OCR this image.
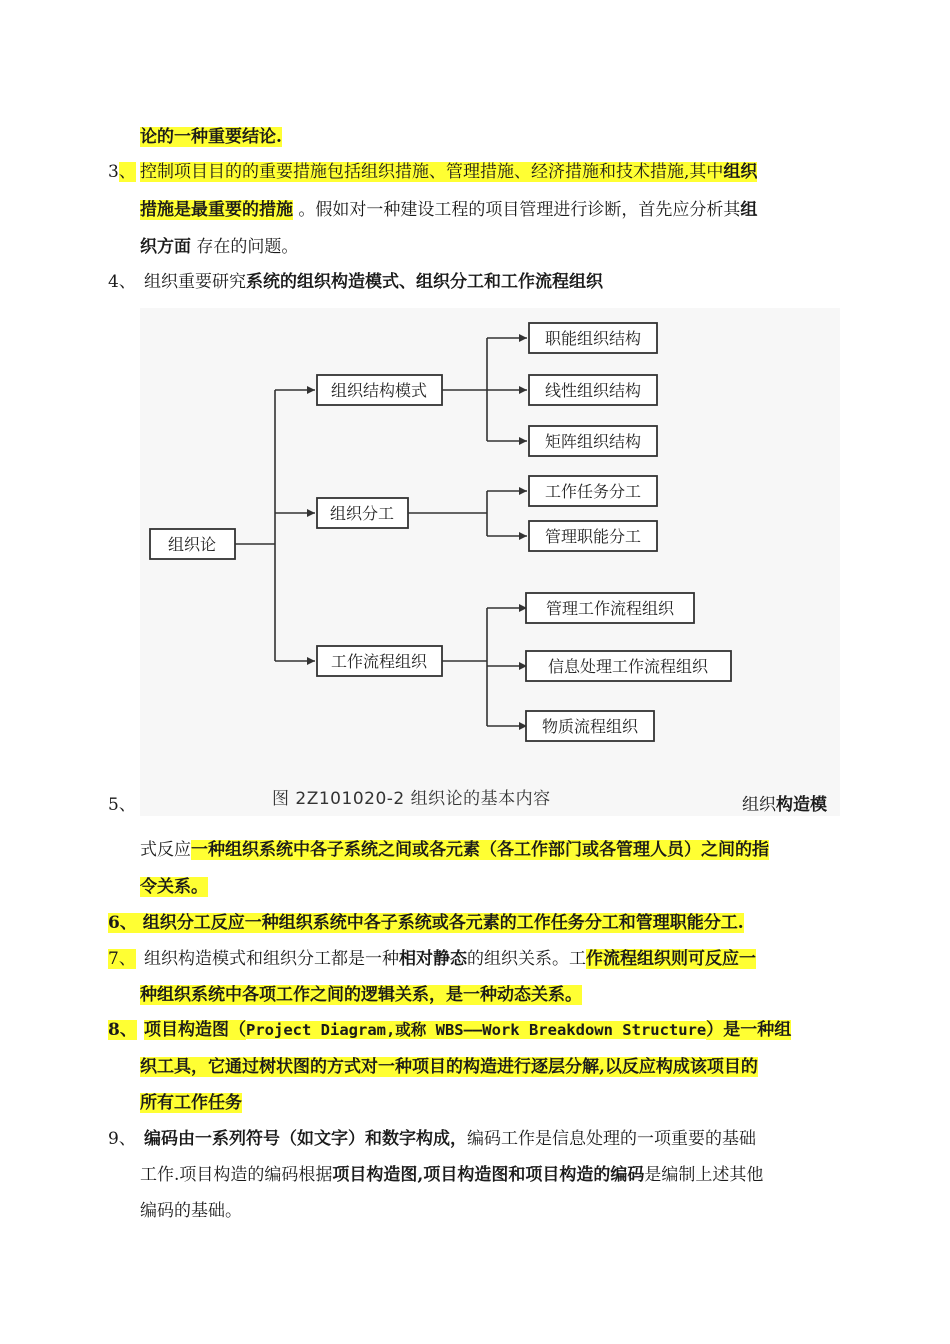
论的一种重要结论.
3、 控制项目目的的重要措施包括组织措施、管理措施、经济措施和技术措施,其中组织
措施是最重要的措施 。假如对一种建设工程的项目管理进行诊断，首先应分析其组
织方面 存在的问题。
4、 组织重要研究系统的组织构造模式、组织分工和工作流程组织
组织论
组织结构模式
组织分工
工作流程组织
职能组织结构
线性组织结构
矩阵组织结构
工作任务分工
管理职能分工
管理工作流程组织
信息处理工作流程组织
物质流程组织
图 2Z101020-2 组织论的基本内容
5、	组织构造模
式反应一种组织系统中各子系统之间或各元素（各工作部门或各管理人员）之间的指
令关系。
6、 组织分工反应一种组织系统中各子系统或各元素的工作任务分工和管理职能分工.
7、 组织构造模式和组织分工都是一种相对静态的组织关系。工作流程组织则可反应一
种组织系统中各项工作之间的逻辑关系，是一种动态关系。
8、 项目构造图（Project Diagram,或称 WBS——Work Breakdown Structure）是一种组
织工具，它通过树状图的方式对一种项目的构造进行逐层分解,以反应构成该项目的
所有工作任务
9、 编码由一系列符号（如文字）和数字构成，编码工作是信息处理的一项重要的基础
工作.项目构造的编码根据项目构造图,项目构造图和项目构造的编码是编制上述其他
编码的基础。
